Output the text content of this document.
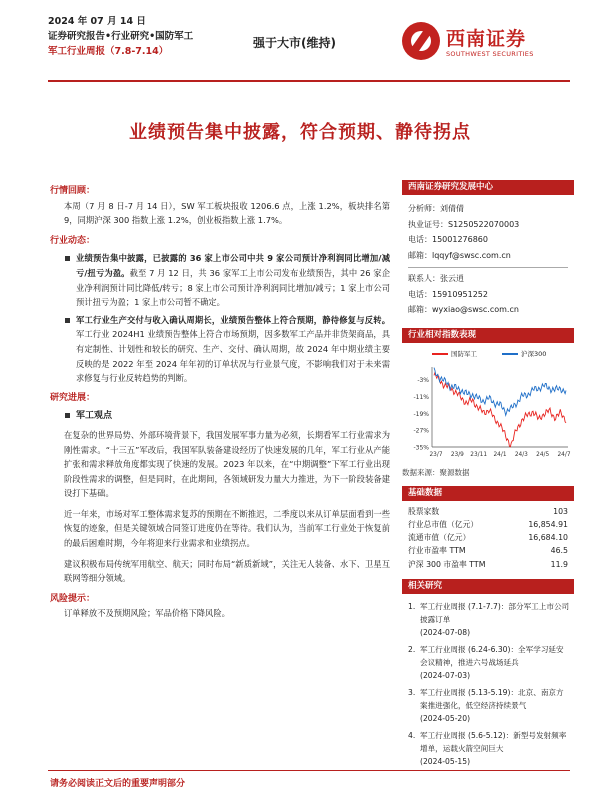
2024 年 07 月 14 日
证券研究报告•行业研究•国防军工
军工行业周报（7.8-7.14）
强于大市(维持)	西南证券
SOUTHWEST SECURITIES
业绩预告集中披露，符合预期、静待拐点
行情回顾：
本周（7 月 8 日-7 月 14 日），SW 军工板块报收 1206.6 点，上涨 1.2%，板块排名第 9，同期沪深 300 指数上涨 1.2%，创业板指数上涨 1.7%。
行业动态：
业绩预告集中披露，已披露的 36 家上市公司中共 9 家公司预计净利润同比增加/减亏/扭亏为盈。截至 7 月 12 日，共 36 家军工上市公司发布业绩预告，其中 26 家企业净利润预计同比降低/转亏；8 家上市公司预计净利润同比增加/减亏；1 家上市公司预计扭亏为盈；1 家上市公司暂不确定。
军工行业生产交付与收入确认周期长，业绩预告整体上符合预期，静待修复与反转。军工行业 2024H1 业绩预告整体上符合市场预期，因多数军工产品并非货架商品，具有定制性、计划性和较长的研究、生产、交付、确认周期，故 2024 年中期业绩主要反映的是 2022 年至 2024 年年初的订单状况与行业景气度，不影响我们对于未来需求修复与行业反转趋势的判断。
研究进展：
军工观点
在复杂的世界局势、外部环境背景下，我国发展军事力量为必须，长期看军工行业需求为刚性需求。“十三五”军改后，我国军队装备建设经历了快速发展的几年，军工行业从产能扩张和需求释放角度都实现了快速的发展。2023 年以来，在“中期调整”下军工行业出现阶段性需求的调整，但是同时，在此期间，各领域研发力量大力推进，为下一阶段装备建设打下基础。
近一年来，市场对军工整体需求复苏的预期在不断推迟，二季度以来从订单层面看到一些恢复的迹象，但是关键领域合同签订进度仍在等待。我们认为，当前军工行业处于恢复前的最后困难时期，今年将迎来行业需求和业绩拐点。
建议积极布局传统军用航空、航天；同时布局“新质新域”，关注无人装备、水下、卫星互联网等细分领域。
风险提示：
订单释放不及预期风险；军品价格下降风险。
西南证券研究发展中心
分析师：刘倩倩
执业证号：S1250522070003
电话：15001276860
邮箱：lqqyf@swsc.com.cn
联系人：张云逍
电话：15910951252
邮箱：wyxiao@swsc.com.cn
行业相对指数表现
国防军工	沪深300
-3%
-11%
-19%
-27%
-35%
23/7 23/9 23/11 24/1 24/3 24/5 24/7
数据来源：聚源数据
基础数据
股票家数	103
行业总市值（亿元）	16,854.91
流通市值（亿元）	16,684.10
行业市盈率 TTM	46.5
沪深 300 市盈率 TTM	11.9
相关研究
1. 军工行业周报 (7.1-7.7)：部分军工上市公司披露订单
(2024-07-08)
2. 军工行业周报 (6.24-6.30)：全军学习延安会议精神，推进六号战场延兵
(2024-07-03)
3. 军工行业周报 (5.13-5.19)：北京、南京方案推进强化，低空经济持续景气
(2024-05-20)
4. 军工行业周报 (5.6-5.12)：新型号发射频率增单，运载火箭空间巨大
(2024-05-15)
请务必阅读正文后的重要声明部分
